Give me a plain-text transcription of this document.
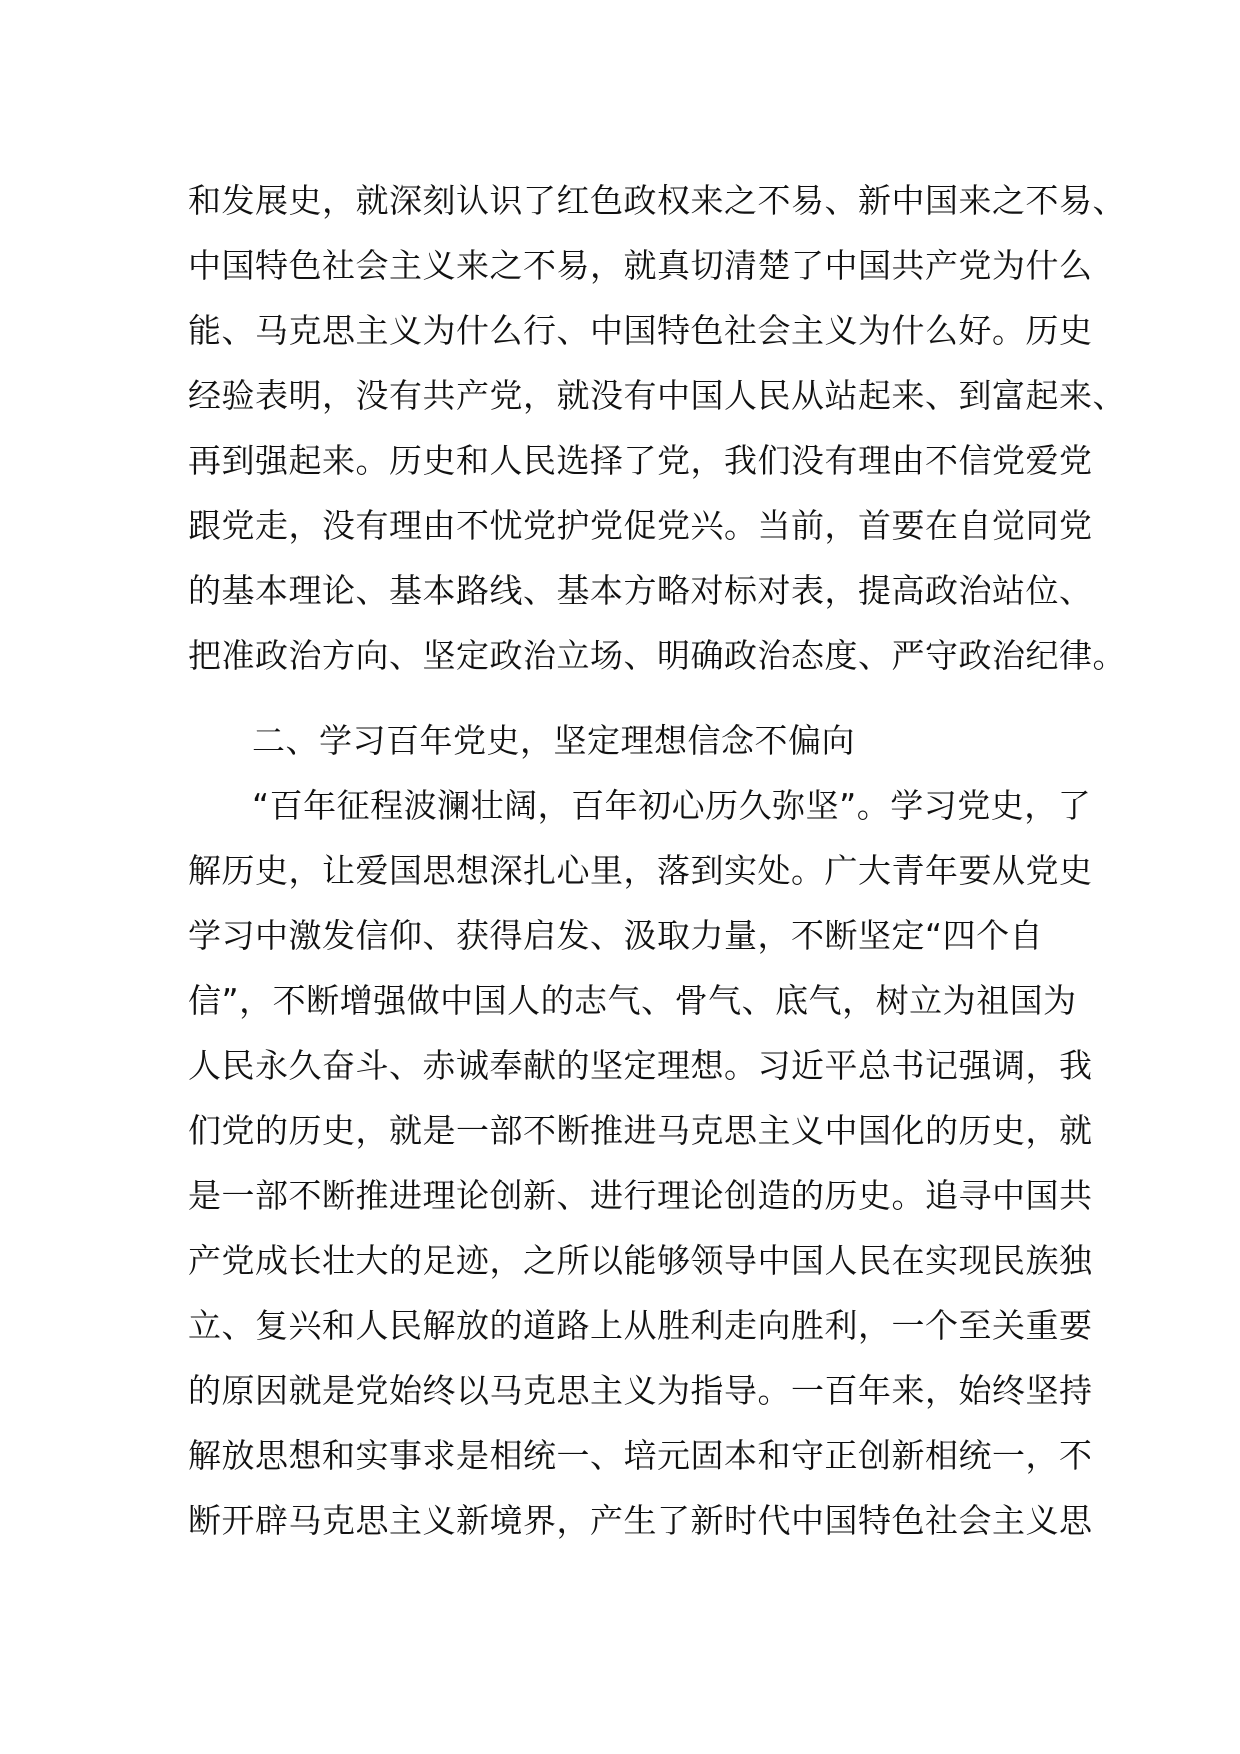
和发展史，就深刻认识了红色政权来之不易、新中国来之不易、
中国特色社会主义来之不易，就真切清楚了中国共产党为什么
能、马克思主义为什么行、中国特色社会主义为什么好。历史
经验表明，没有共产党，就没有中国人民从站起来、到富起来、
再到强起来。历史和人民选择了党，我们没有理由不信党爱党
跟党走，没有理由不忧党护党促党兴。当前，首要在自觉同党
的基本理论、基本路线、基本方略对标对表，提高政治站位、
把准政治方向、坚定政治立场、明确政治态度、严守政治纪律。
二、学习百年党史，坚定理想信念不偏向
“百年征程波澜壮阔，百年初心历久弥坚”。学习党史，了
解历史，让爱国思想深扎心里，落到实处。广大青年要从党史
学习中激发信仰、获得启发、汲取力量，不断坚定“四个自
信”，不断增强做中国人的志气、骨气、底气，树立为祖国为
人民永久奋斗、赤诚奉献的坚定理想。习近平总书记强调，我
们党的历史，就是一部不断推进马克思主义中国化的历史，就
是一部不断推进理论创新、进行理论创造的历史。追寻中国共
产党成长壮大的足迹，之所以能够领导中国人民在实现民族独
立、复兴和人民解放的道路上从胜利走向胜利，一个至关重要
的原因就是党始终以马克思主义为指导。一百年来，始终坚持
解放思想和实事求是相统一、培元固本和守正创新相统一，不
断开辟马克思主义新境界，产生了新时代中国特色社会主义思
